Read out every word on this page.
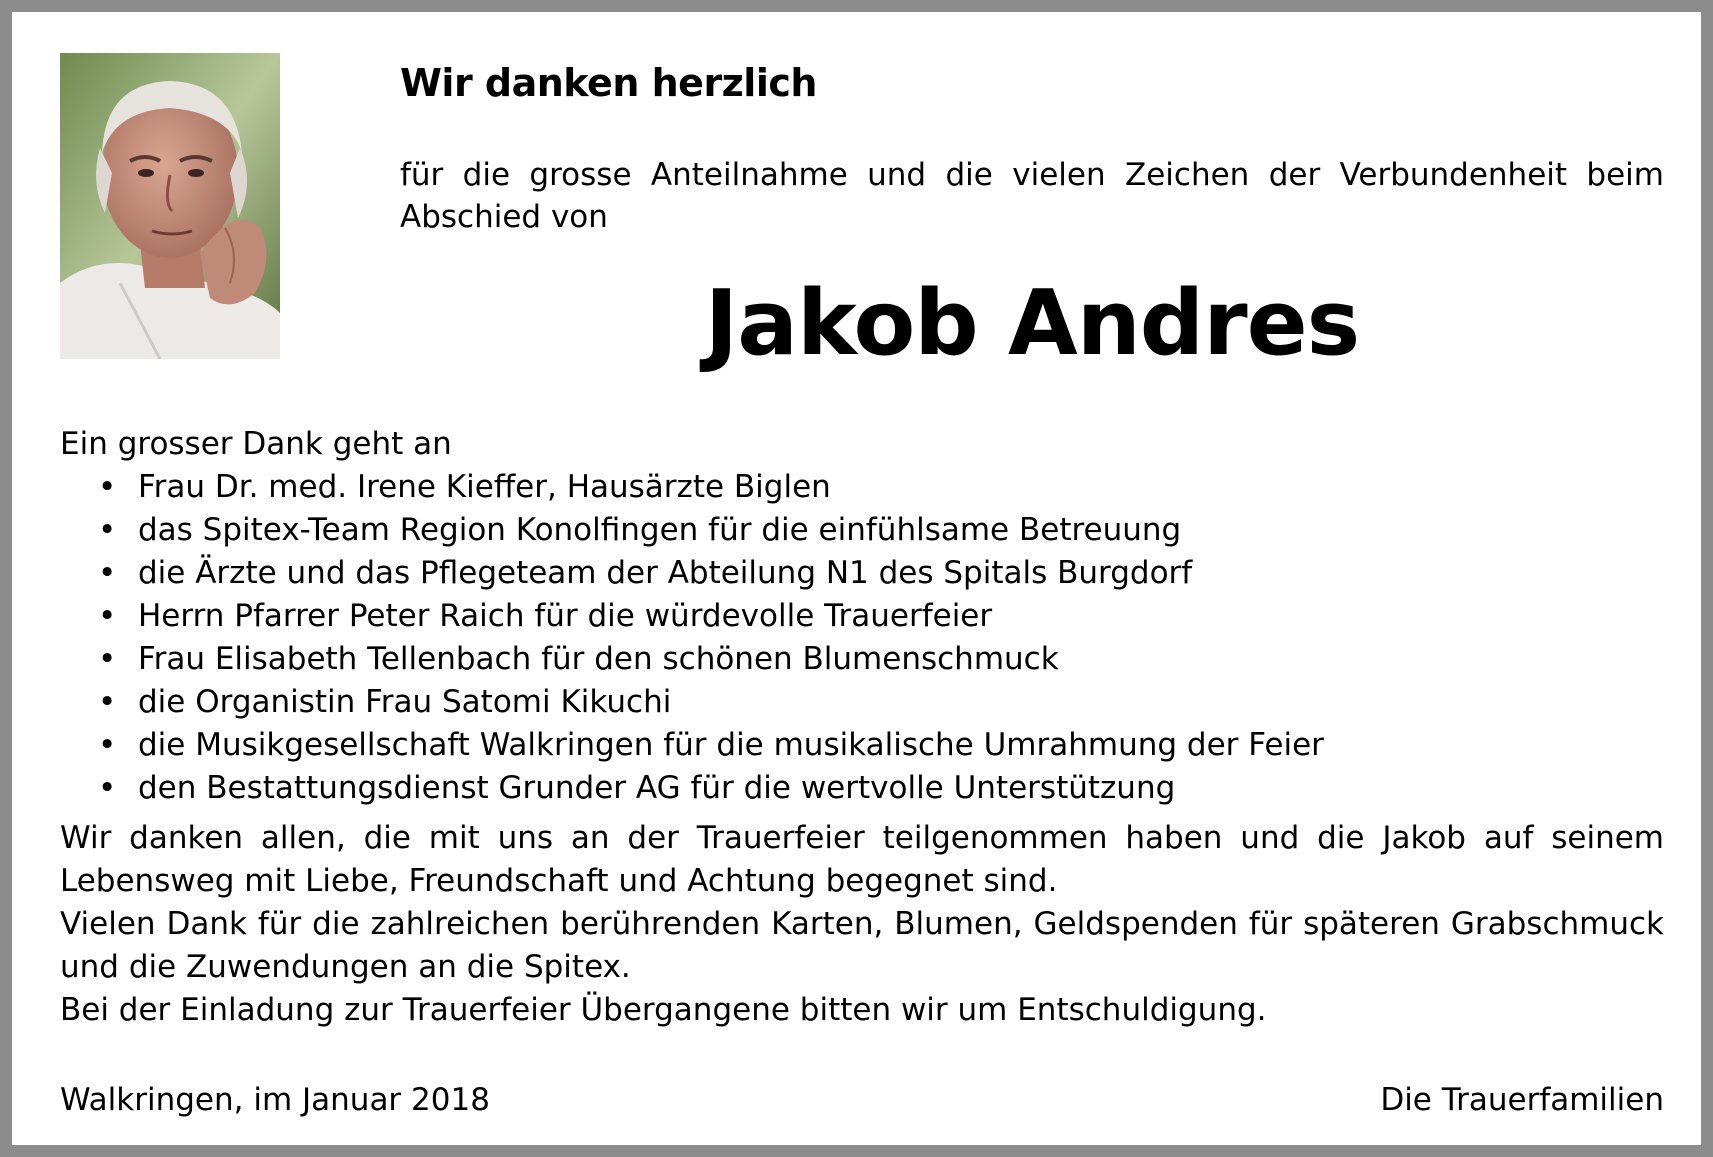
Wir danken herzlich
für die grosse Anteilnahme und die vielen Zeichen der Verbundenheit beim Abschied von
Jakob Andres

Ein grosser Dank geht an

• Frau Dr. med. Irene Kieffer, Hausärzte Biglen
• das Spitex-Team Region Konolfingen für die einfühlsame Betreuung
• die Ärzte und das Pflegeteam der Abteilung N1 des Spitals Burgdorf
• Herrn Pfarrer Peter Raich für die würdevolle Trauerfeier
• Frau Elisabeth Tellenbach für den schönen Blumenschmuck
• die Organistin Frau Satomi Kikuchi
• die Musikgesellschaft Walkringen für die musikalische Umrahmung der Feier
• den Bestattungsdienst Grunder AG für die wertvolle Unterstützung

Wir danken allen, die mit uns an der Trauerfeier teilgenommen haben und die Jakob auf seinem Lebensweg mit Liebe, Freundschaft und Achtung begegnet sind.

Vielen Dank für die zahlreichen berührenden Karten, Blumen, Geldspenden für späteren Grabschmuck und die Zuwendungen an die Spitex.

Bei der Einladung zur Trauerfeier Übergangene bitten wir um Entschuldigung.

Walkringen, im Januar 2018	Die Trauerfamilien
